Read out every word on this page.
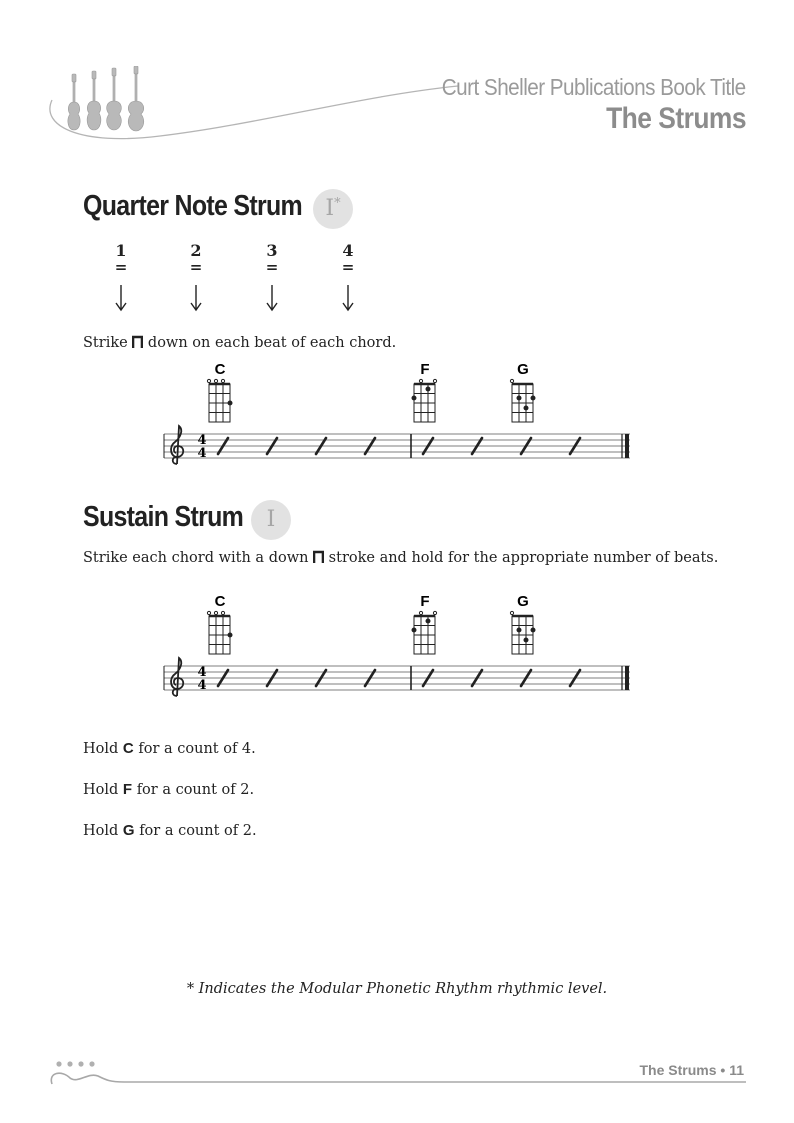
Curt Sheller Publications Book Title
The Strums
Quarter Note Strum	I*
1
=
2
=
3
=
4
=
Strike down on each beat of each chord.
C	F	G
4
4
Sustain Strum	I
Strike each chord with a down stroke and hold for the appropriate number of beats.
C	F	G
4
4
Hold C for a count of 4.
Hold F for a count of 2.
Hold G for a count of 2.
* Indicates the Modular Phonetic Rhythm rhythmic level.
The Strums • 11
